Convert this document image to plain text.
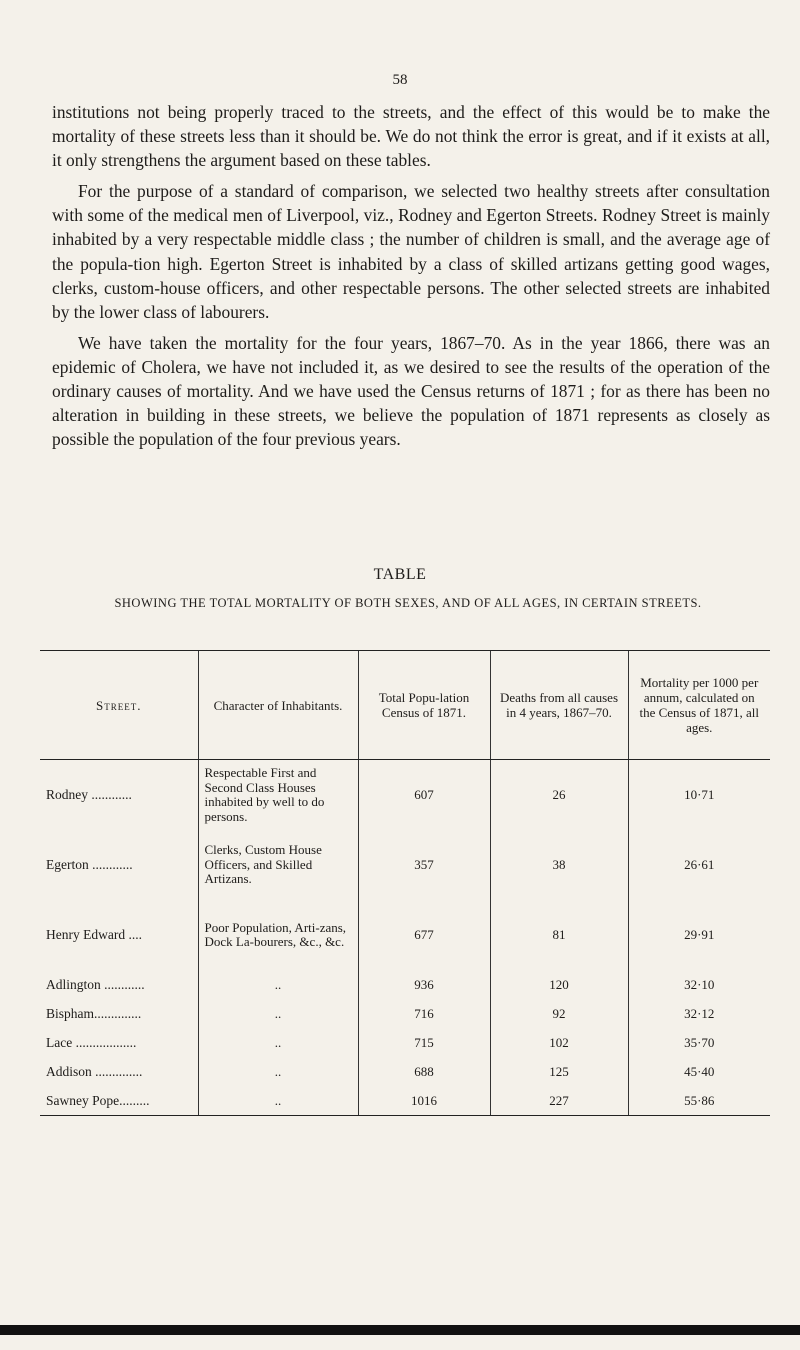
58

institutions not being properly traced to the streets, and the effect of this would be to make the mortality of these streets less than it should be. We do not think the error is great, and if it exists at all, it only strengthens the argument based on these tables.

For the purpose of a standard of comparison, we selected two healthy streets after consultation with some of the medical men of Liverpool, viz., Rodney and Egerton Streets. Rodney Street is mainly inhabited by a very respectable middle class ; the number of children is small, and the average age of the popula-tion high. Egerton Street is inhabited by a class of skilled artizans getting good wages, clerks, custom-house officers, and other respectable persons. The other selected streets are inhabited by the lower class of labourers.

We have taken the mortality for the four years, 1867–70. As in the year 1866, there was an epidemic of Cholera, we have not included it, as we desired to see the results of the operation of the ordinary causes of mortality. And we have used the Census returns of 1871 ; for as there has been no alteration in building in these streets, we believe the population of 1871 represents as closely as possible the population of the four previous years.

TABLE
SHOWING THE TOTAL MORTALITY OF BOTH SEXES, AND OF ALL AGES, IN CERTAIN STREETS.
Street.	Character of Inhabitants.	Total Popu-lation Census of 1871.	Deaths from all causes in 4 years, 1867–70.	Mortality per 1000 per annum, calculated on the Census of 1871, all ages.
Rodney ............	Respectable First and Second Class Houses inhabited by well to do persons.	607	26	10·71
Egerton ............	Clerks, Custom House Officers, and Skilled Artizans.	357	38	26·61
Henry Edward ....	Poor Population, Arti-zans, Dock La-bourers, &c., &c.	677	81	29·91
Adlington ............	..	936	120	32·10
Bispham..............	..	716	92	32·12
Lace ..................	..	715	102	35·70
Addison ..............	..	688	125	45·40
Sawney Pope.........	..	1016	227	55·86
